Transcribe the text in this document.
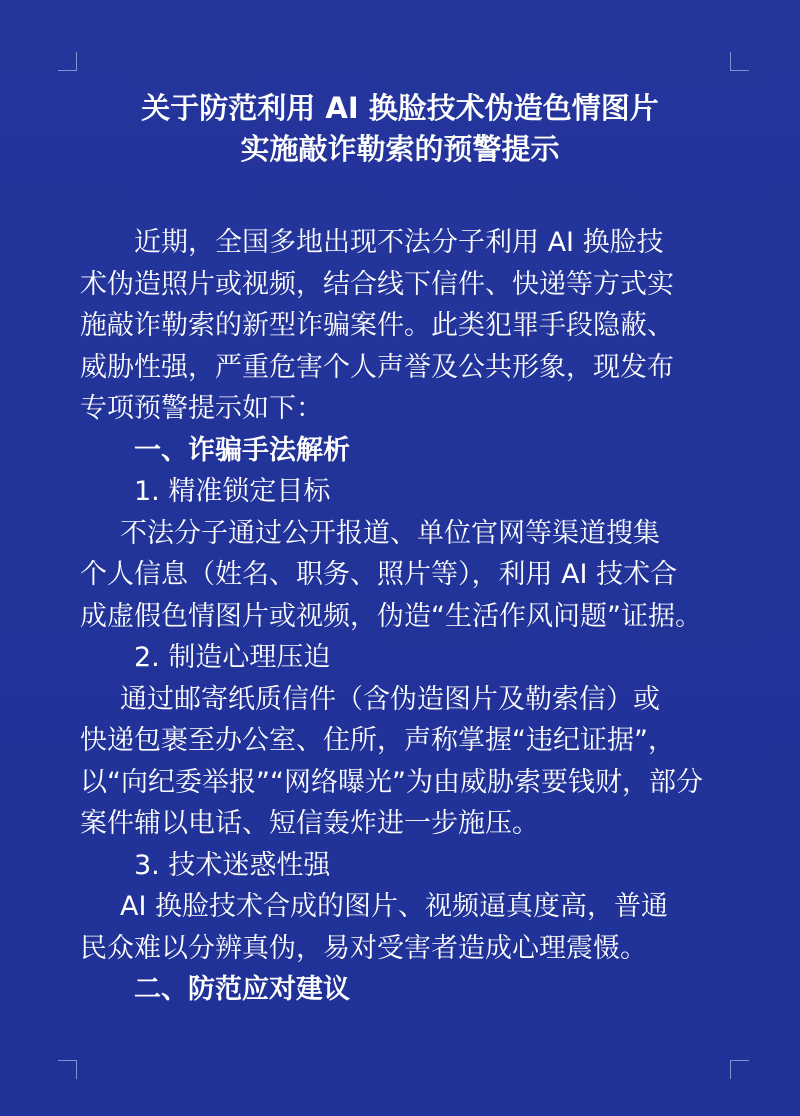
关于防范利用 AI 换脸技术伪造色情图片
实施敲诈勒索的预警提示
近期，全国多地出现不法分子利用 AI 换脸技
术伪造照片或视频，结合线下信件、快递等方式实
施敲诈勒索的新型诈骗案件。此类犯罪手段隐蔽、
威胁性强，严重危害个人声誉及公共形象，现发布
专项预警提示如下：
一、诈骗手法解析
1. 精准锁定目标
不法分子通过公开报道、单位官网等渠道搜集
个人信息（姓名、职务、照片等），利用 AI 技术合
成虚假色情图片或视频，伪造“生活作风问题”证据。
2. 制造心理压迫
通过邮寄纸质信件（含伪造图片及勒索信）或
快递包裹至办公室、住所，声称掌握“违纪证据”，
以“向纪委举报”“网络曝光”为由威胁索要钱财，部分
案件辅以电话、短信轰炸进一步施压。
3. 技术迷惑性强
AI 换脸技术合成的图片、视频逼真度高，普通
民众难以分辨真伪，易对受害者造成心理震慑。
二、防范应对建议
